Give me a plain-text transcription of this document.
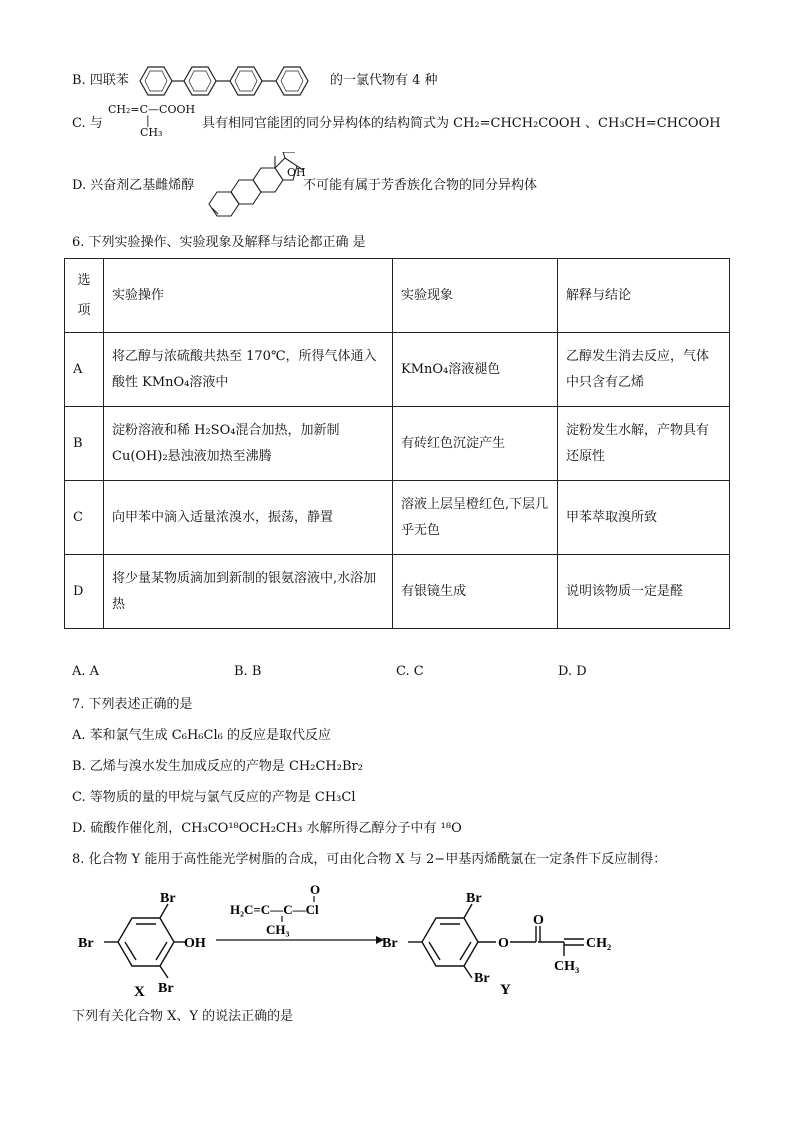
B. 四联苯	的一氯代物有 4 种
C. 与
CH₂=C—COOH
|
CH₃
具有相同官能团的同分异构体的结构简式为 CH₂=CHCH₂COOH 、CH₃CH=CHCOOH
D. 兴奋剂乙基雌烯醇
OH
不可能有属于芳香族化合物的同分异构体
6. 下列实验操作、实验现象及解释与结论都正确 是
选
项	实验操作	实验现象	解释与结论
A	将乙醇与浓硫酸共热至 170℃，所得气体通入酸性 KMnO₄溶液中	KMnO₄溶液褪色	乙醇发生消去反应，气体中只含有乙烯
B	淀粉溶液和稀 H₂SO₄混合加热，加新制 Cu(OH)₂悬浊液加热至沸腾	有砖红色沉淀产生	淀粉发生水解，产物具有还原性
C	向甲苯中滴入适量浓溴水，振荡，静置	溶液上层呈橙红色,下层几乎无色	甲苯萃取溴所致
D	将少量某物质滴加到新制的银氨溶液中,水浴加热	有银镜生成	说明该物质一定是醛
A. A	B. B	C. C	D. D
7. 下列表述正确的是
A. 苯和氯气生成 C₆H₆Cl₆ 的反应是取代反应
B. 乙烯与溴水发生加成反应的产物是 CH₂CH₂Br₂
C. 等物质的量的甲烷与氯气反应的产物是 CH₃Cl
D. 硫酸作催化剂，CH₃CO¹⁸OCH₂CH₃ 水解所得乙醇分子中有 ¹⁸O
8. 化合物 Y 能用于高性能光学树脂的合成，可由化合物 X 与 2−甲基丙烯酰氯在一定条件下反应制得：
Br
OH
Br
Br
X
O
H₂C=C—C—Cl
CH₃
Br
O
O
CH₂
CH₃
Br
Br
Y
下列有关化合物 X、Y 的说法正确的是
